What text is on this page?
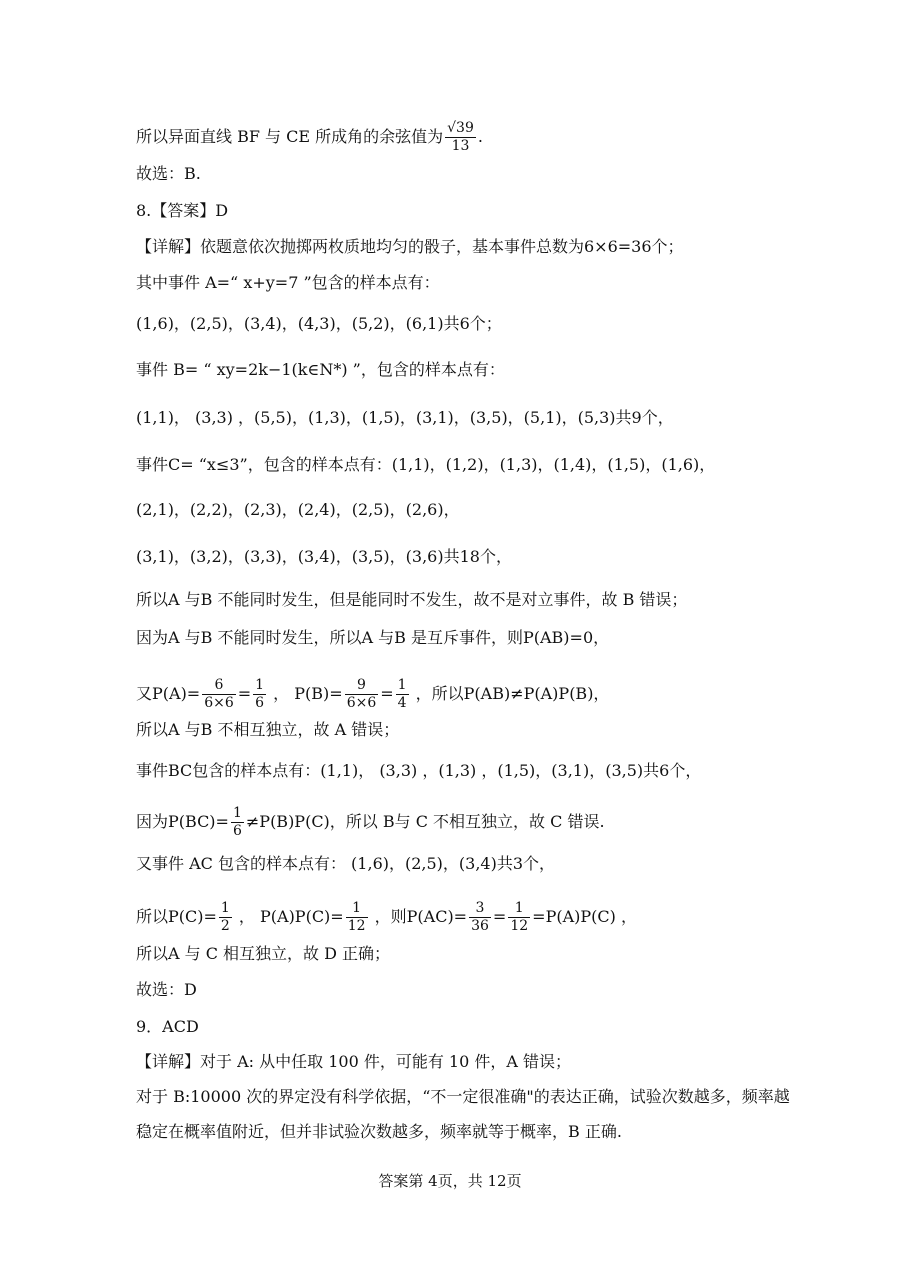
所以异面直线 BF 与 CE 所成角的余弦值为 $\frac{√39}{13}$ .
故选：B.
8.【答案】D
【详解】依题意依次抛掷两枚质地均匀的骰子，基本事件总数为6×6=36个；
其中事件 A=“ x+y=7 ”包含的样本点有：
(1,6)，(2,5)，(3,4)，(4,3)，(5,2)，(6,1)共6个；
事件 B= “ xy=2k−1(k∈N*) ”，包含的样本点有：
(1,1)， (3,3) ，(5,5)，(1,3)，(1,5)，(3,1)，(3,5)，(5,1)，(5,3)共9个，
事件C= “x≤3”，包含的样本点有：(1,1)，(1,2)，(1,3)，(1,4)，(1,5)，(1,6)，
(2,1)，(2,2)，(2,3)，(2,4)，(2,5)，(2,6)，
(3,1)，(3,2)，(3,3)，(3,4)，(3,5)，(3,6)共18个，
所以A 与B 不能同时发生，但是能同时不发生，故不是对立事件，故 B 错误；
因为A 与B 不能同时发生，所以A 与B 是互斥事件，则P(AB)=0，
又$P(A)= \frac{6}{6\times 6} = \frac{1}{6}$ ， $P(B)= \frac{9}{6\times 6} = \frac{1}{4}$ ，所以P(AB)≠P(A)P(B)，
所以A 与B 不相互独立，故 A 错误；
事件BC包含的样本点有：(1,1)， (3,3) ，(1,3) ，(1,5)，(3,1)，(3,5)共6个，
因为$P(BC)= \frac{1}{6} \ne P(B)P(C)$，所以 B与 C 不相互独立，故 C 错误.
又事件 AC 包含的样本点有： (1,6)，(2,5)，(3,4)共3个，
所以$P(C)= \frac{1}{2}$ ， $P(A)P(C)= \frac{1}{12}$ ，则$P(AC)= \frac{3}{36} = \frac{1}{12} =P(A)P(C)$ ，
所以A 与 C 相互独立，故 D 正确；
故选：D
9．ACD
【详解】对于 A: 从中任取 100 件，可能有 10 件，A 错误；
对于 B:10000 次的界定没有科学依据，“不一定很准确"的表达正确，试验次数越多，频率越
稳定在概率值附近，但并非试验次数越多，频率就等于概率，B 正确.
答案第 4页，共 12页
